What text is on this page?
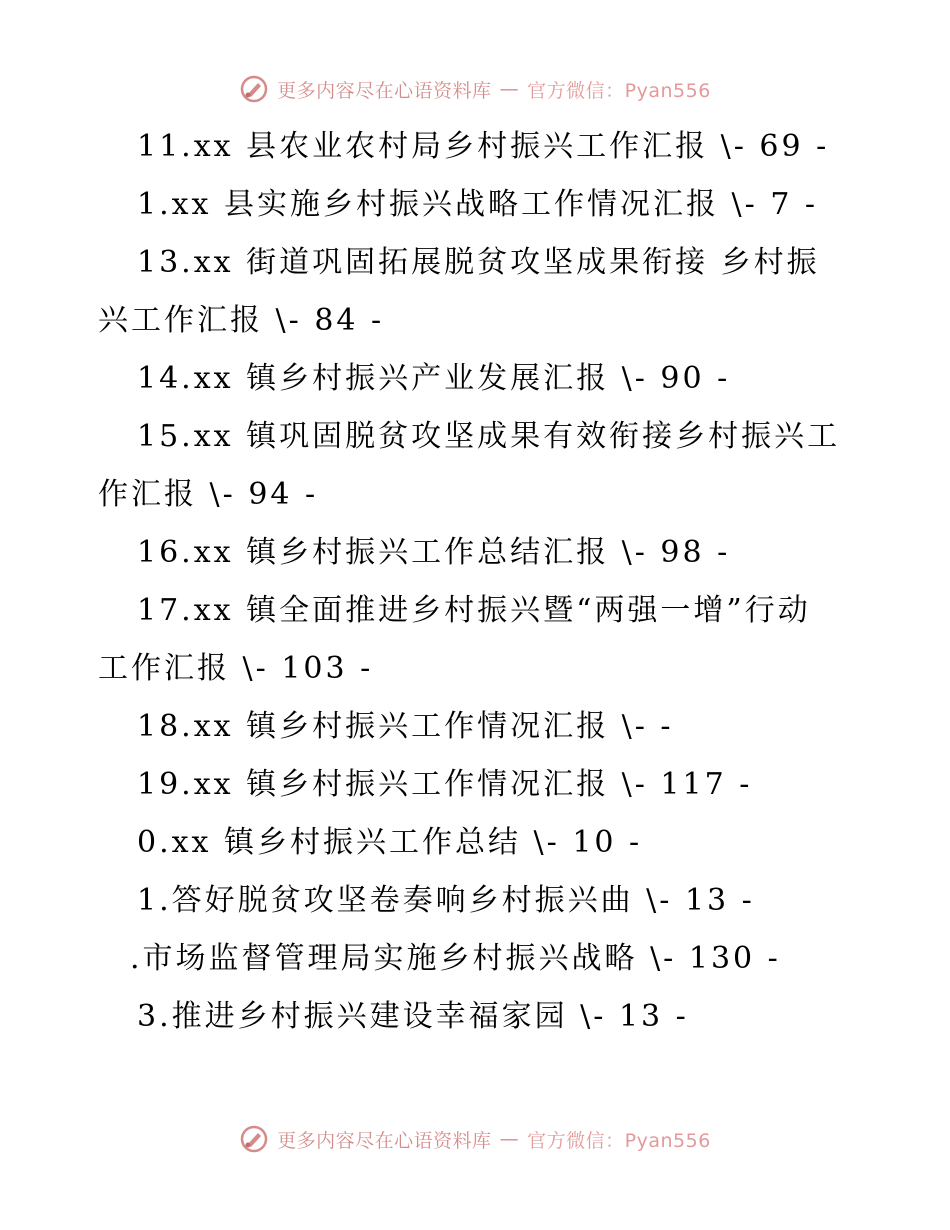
更多内容尽在心语资料库 — 官方微信：Pyan556
11.xx 县农业农村局乡村振兴工作汇报 \- 69 -
1.xx 县实施乡村振兴战略工作情况汇报 \- 7 -
13.xx 街道巩固拓展脱贫攻坚成果衔接 乡村振
兴工作汇报 \- 84 -
14.xx 镇乡村振兴产业发展汇报 \- 90 -
15.xx 镇巩固脱贫攻坚成果有效衔接乡村振兴工
作汇报 \- 94 -
16.xx 镇乡村振兴工作总结汇报 \- 98 -
17.xx 镇全面推进乡村振兴暨“两强一增”行动
工作汇报 \- 103 -
18.xx 镇乡村振兴工作情况汇报 \- -
19.xx 镇乡村振兴工作情况汇报 \- 117 -
0.xx 镇乡村振兴工作总结 \- 10 -
1.答好脱贫攻坚卷奏响乡村振兴曲 \- 13 -
.市场监督管理局实施乡村振兴战略 \- 130 -
3.推进乡村振兴建设幸福家园 \- 13 -
更多内容尽在心语资料库 — 官方微信：Pyan556
